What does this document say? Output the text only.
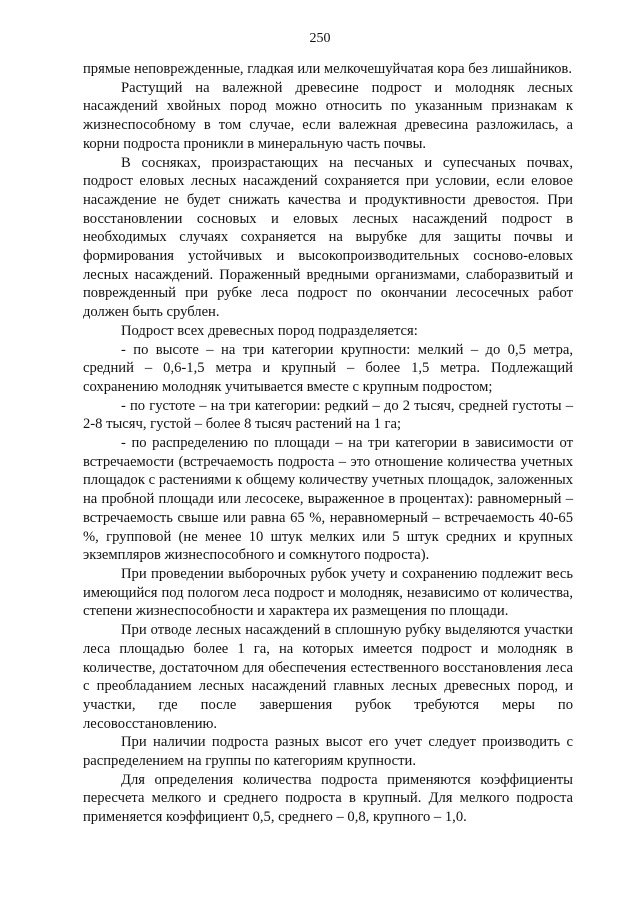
250

прямые неповрежденные, гладкая или мелкочешуйчатая кора без лишайников.

Растущий на валежной древесине подрост и молодняк лесных насаждений хвойных пород можно относить по указанным признакам к жизнеспособному в том случае, если валежная древесина разложилась, а корни подроста проникли в минеральную часть почвы.

В сосняках, произрастающих на песчаных и супесчаных почвах, подрост еловых лесных насаждений сохраняется при условии, если еловое насаждение не будет снижать качества и продуктивности древостоя. При восстановлении сосновых и еловых лесных насаждений подрост в необходимых случаях сохраняется на вырубке для защиты почвы и формирования устойчивых и высокопроизводительных сосново-еловых лесных насаждений. Пораженный вредными организмами, слаборазвитый и поврежденный при рубке леса подрост по окончании лесосечных работ должен быть срублен.

Подрост всех древесных пород подразделяется:

- по высоте – на три категории крупности: мелкий – до 0,5 метра, средний – 0,6-1,5 метра и крупный – более 1,5 метра. Подлежащий сохранению молодняк учитывается вместе с крупным подростом;

- по густоте – на три категории: редкий – до 2 тысяч, средней густоты – 2-8 тысяч, густой – более 8 тысяч растений на 1 га;

- по распределению по площади – на три категории в зависимости от встречаемости (встречаемость подроста – это отношение количества учетных площадок с растениями к общему количеству учетных площадок, заложенных на пробной площади или лесосеке, выраженное в процентах): равномерный – встречаемость свыше или равна 65 %, неравномерный – встречаемость 40-65 %, групповой (не менее 10 штук мелких или 5 штук средних и крупных экземпляров жизнеспособного и сомкнутого подроста).

При проведении выборочных рубок учету и сохранению подлежит весь имеющийся под пологом леса подрост и молодняк, независимо от количества, степени жизнеспособности и характера их размещения по площади.

При отводе лесных насаждений в сплошную рубку выделяются участки леса площадью более 1 га, на которых имеется подрост и молодняк в количестве, достаточном для обеспечения естественного восстановления леса с преобладанием лесных насаждений главных лесных древесных пород, и участки, где после завершения рубок требуются меры по лесовосстановлению.

При наличии подроста разных высот его учет следует производить с распределением на группы по категориям крупности.

Для определения количества подроста применяются коэффициенты пересчета мелкого и среднего подроста в крупный. Для мелкого подроста применяется коэффициент 0,5, среднего – 0,8, крупного – 1,0.
